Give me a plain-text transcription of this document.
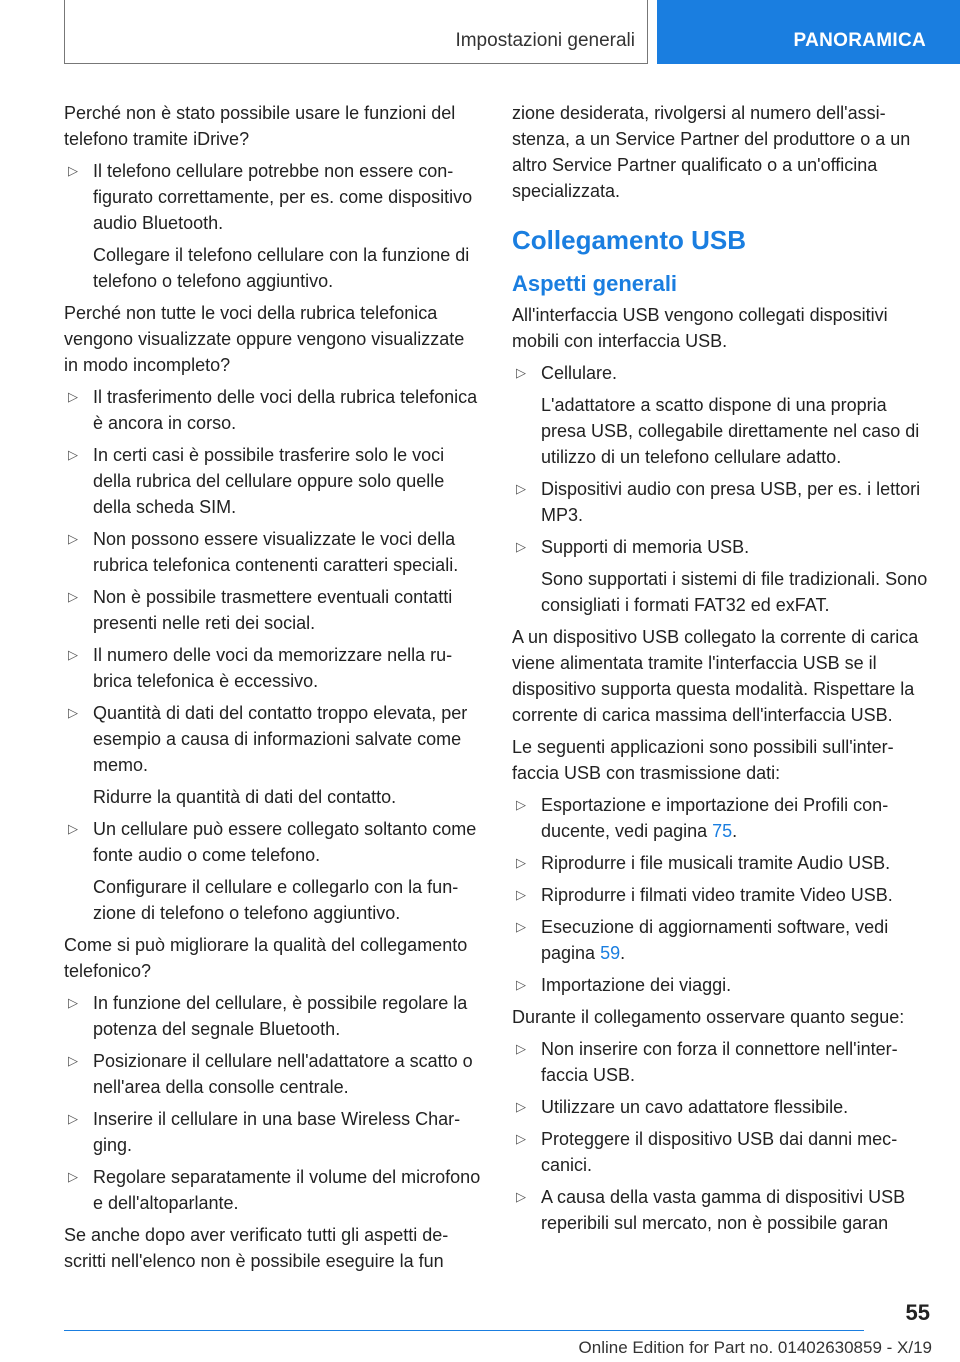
Impostazioni generali	PANORAMICA

Perché non è stato possibile usare le funzioni del telefono tramite iDrive?

▷ Il telefono cellulare potrebbe non essere configurato correttamente, per es. come dispositivo audio Bluetooth.
Collegare il telefono cellulare con la funzione di telefono o telefono aggiuntivo.

Perché non tutte le voci della rubrica telefonica vengono visualizzate oppure vengono visualizzate in modo incompleto?

▷ Il trasferimento delle voci della rubrica telefonica è ancora in corso.
▷ In certi casi è possibile trasferire solo le voci della rubrica del cellulare oppure solo quelle della scheda SIM.
▷ Non possono essere visualizzate le voci della rubrica telefonica contenenti caratteri speciali.
▷ Non è possibile trasmettere eventuali contatti presenti nelle reti dei social.
▷ Il numero delle voci da memorizzare nella rubrica telefonica è eccessivo.
▷ Quantità di dati del contatto troppo elevata, per esempio a causa di informazioni salvate come memo.
Ridurre la quantità di dati del contatto.
▷ Un cellulare può essere collegato soltanto come fonte audio o come telefono.
Configurare il cellulare e collegarlo con la funzione di telefono o telefono aggiuntivo.

Come si può migliorare la qualità del collegamento telefonico?

▷ In funzione del cellulare, è possibile regolare la potenza del segnale Bluetooth.
▷ Posizionare il cellulare nell'adattatore a scatto o nell'area della consolle centrale.
▷ Inserire il cellulare in una base Wireless Charging.
▷ Regolare separatamente il volume del microfono e dell'altoparlante.

Se anche dopo aver verificato tutti gli aspetti descritti nell'elenco non è possibile eseguire la fun

zione desiderata, rivolgersi al numero dell'assistenza, a un Service Partner del produttore o a un altro Service Partner qualificato o a un'officina specializzata.

Collegamento USB
Aspetti generali

All'interfaccia USB vengono collegati dispositivi mobili con interfaccia USB.

▷ Cellulare.
L'adattatore a scatto dispone di una propria presa USB, collegabile direttamente nel caso di utilizzo di un telefono cellulare adatto.
▷ Dispositivi audio con presa USB, per es. i lettori MP3.
▷ Supporti di memoria USB.
Sono supportati i sistemi di file tradizionali. Sono consigliati i formati FAT32 ed exFAT.

A un dispositivo USB collegato la corrente di carica viene alimentata tramite l'interfaccia USB se il dispositivo supporta questa modalità. Rispettare la corrente di carica massima dell'interfaccia USB.

Le seguenti applicazioni sono possibili sull'interfaccia USB con trasmissione dati:

▷ Esportazione e importazione dei Profili conducente, vedi pagina 75.
▷ Riprodurre i file musicali tramite Audio USB.
▷ Riprodurre i filmati video tramite Video USB.
▷ Esecuzione di aggiornamenti software, vedi pagina 59.
▷ Importazione dei viaggi.

Durante il collegamento osservare quanto segue:

▷ Non inserire con forza il connettore nell'interfaccia USB.
▷ Utilizzare un cavo adattatore flessibile.
▷ Proteggere il dispositivo USB dai danni meccanici.
▷ A causa della vasta gamma di dispositivi USB reperibili sul mercato, non è possibile garan
55
Online Edition for Part no. 01402630859 - X/19
